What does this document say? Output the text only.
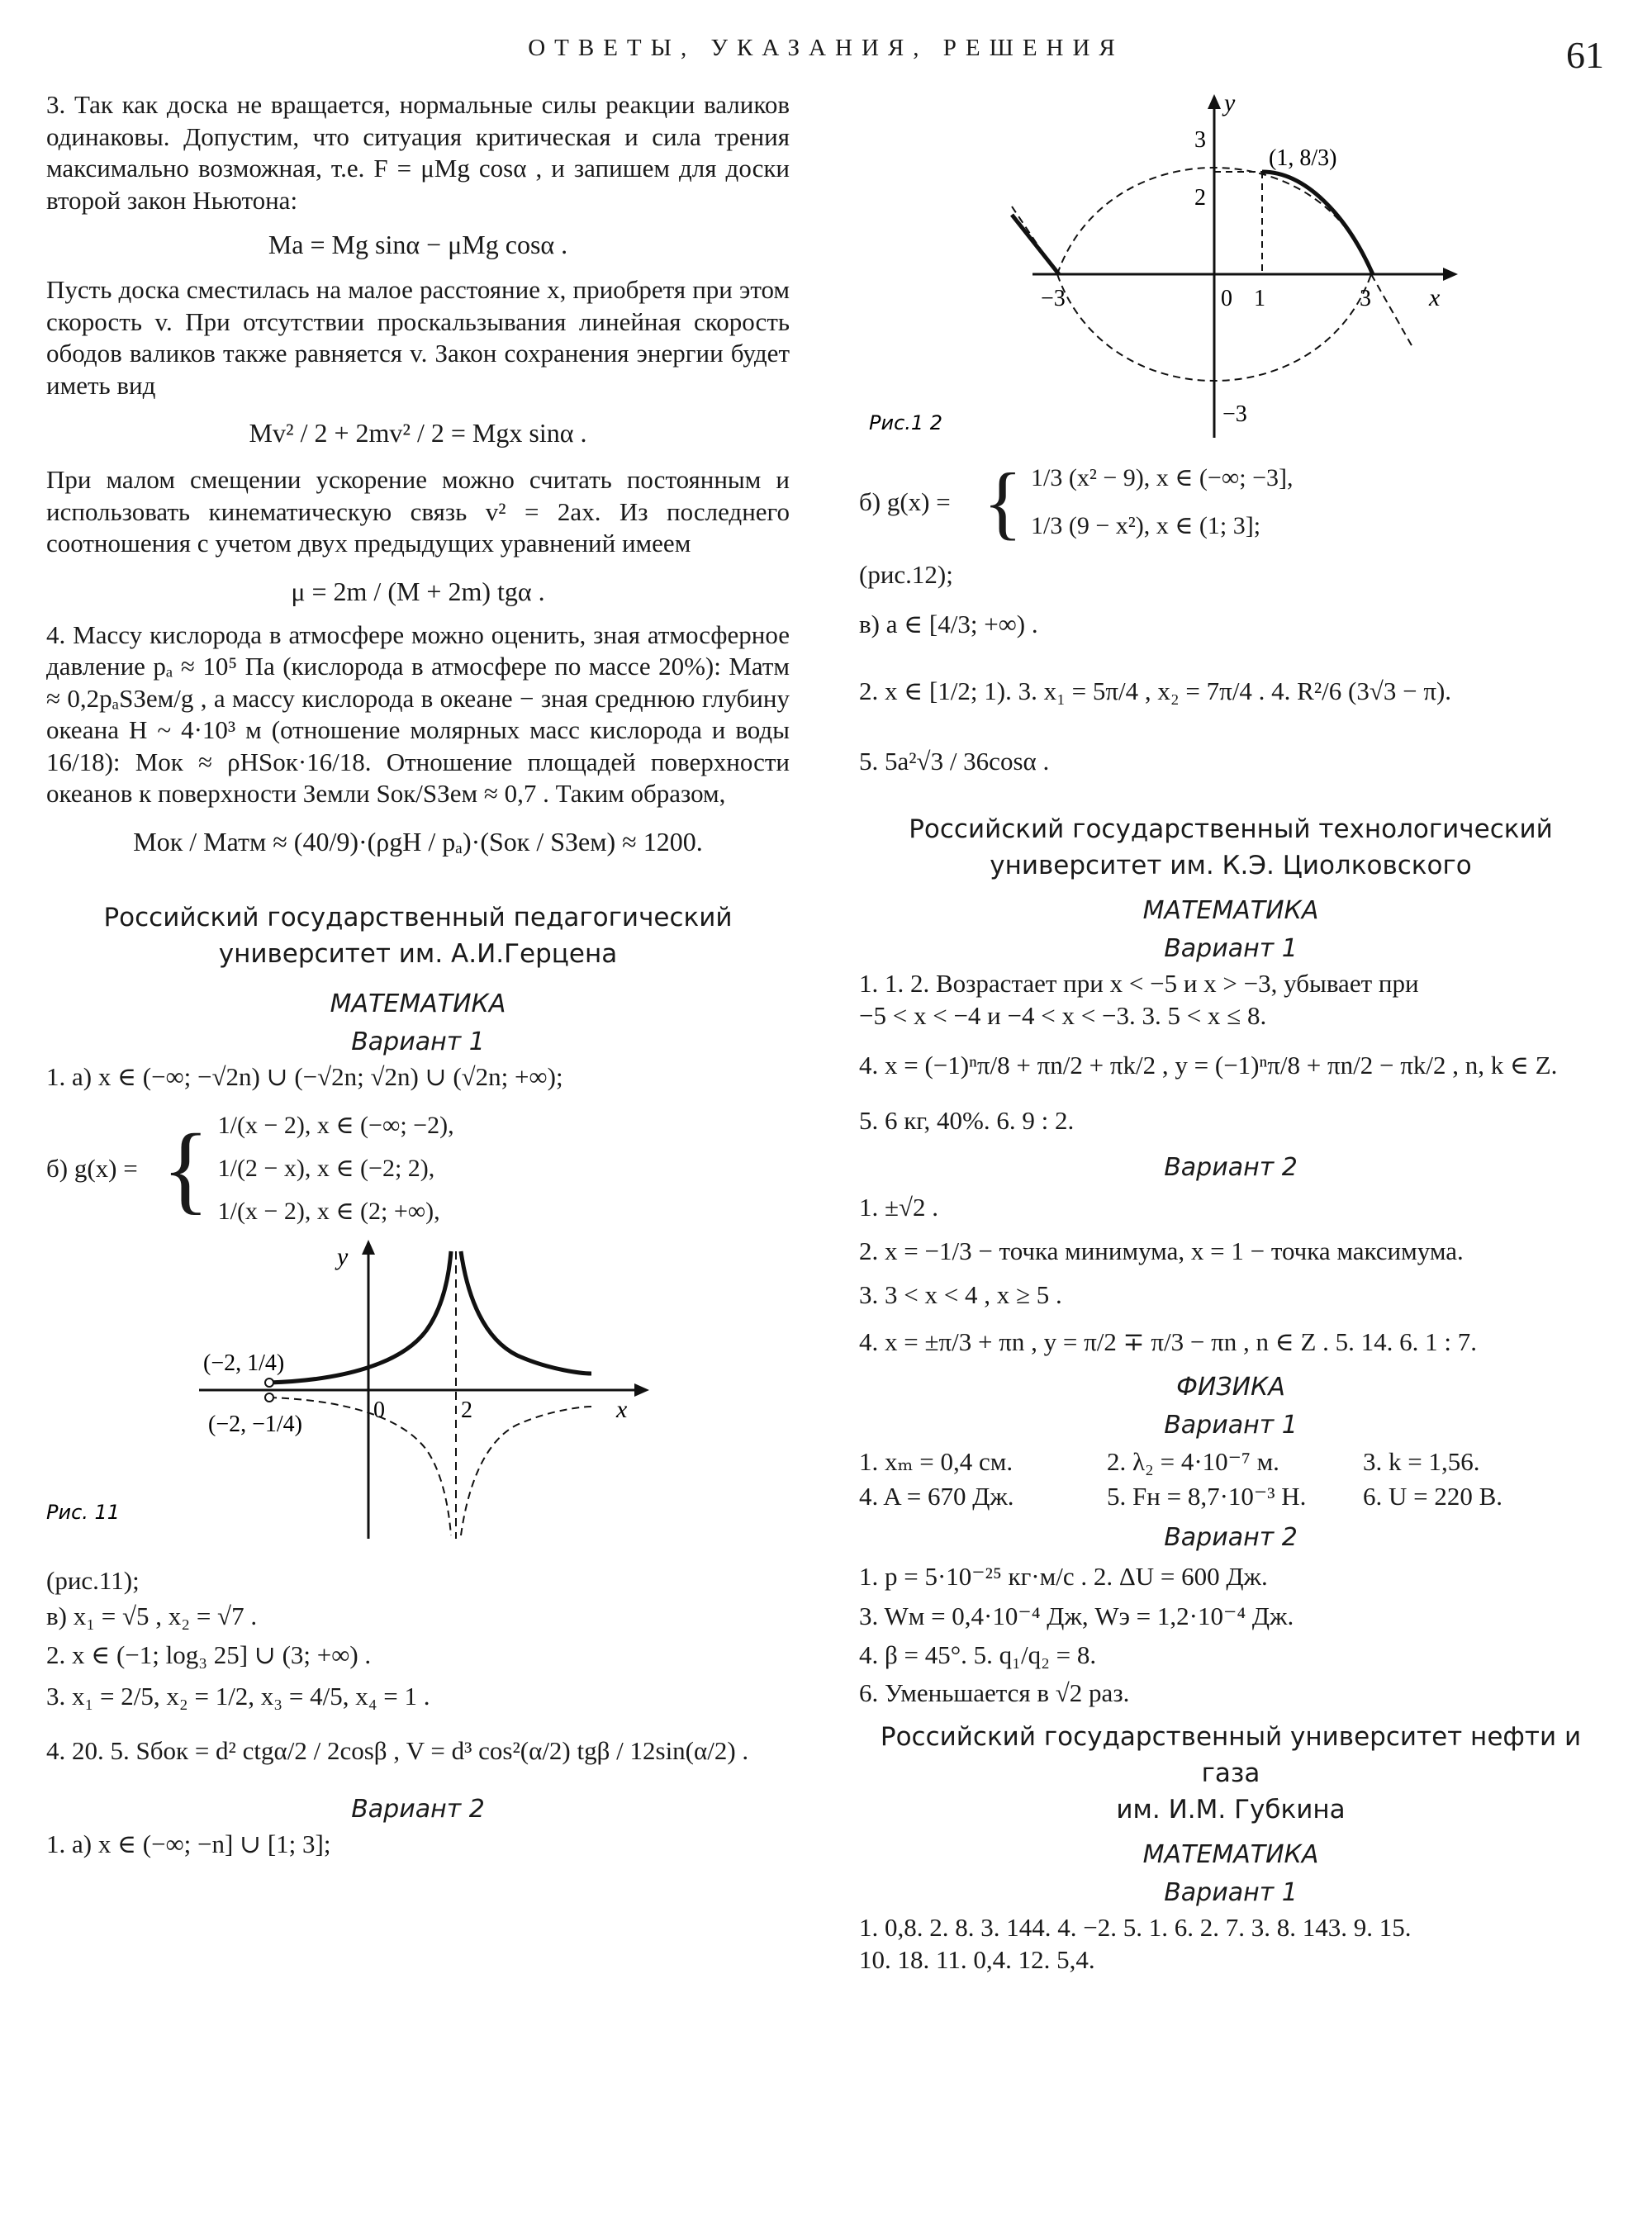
ОТВЕТЫ, УКАЗАНИЯ, РЕШЕНИЯ	61

3. Так как доска не вращается, нормальные силы реакции валиков одинаковы. Допустим, что ситуация критическая и сила трения максимально возможная, т.е. F = μMg cosα , и запишем для доски второй закон Ньютона:

Ma = Mg sinα − μMg cosα .

Пусть доска сместилась на малое расстояние x, приобретя при этом скорость v. При отсутствии проскальзывания линейная скорость ободов валиков также равняется v. Закон сохранения энергии будет иметь вид

Mv² / 2 + 2mv² / 2 = Mgx sinα .

При малом смещении ускорение можно считать постоянным и использовать кинематическую связь v² = 2ax. Из последнего соотношения с учетом двух предыдущих уравнений имеем

μ = 2m / (M + 2m) tgα .

4. Массу кислорода в атмосфере можно оценить, зная атмосферное давление pₐ ≈ 10⁵ Па (кислорода в атмосфере по массе 20%): Mатм ≈ 0,2pₐSЗем/g , а массу кислорода в океане − зная среднюю глубину океана H ~ 4·10³ м (отношение молярных масс кислорода и воды 16/18): Mок ≈ ρHSок·16/18. Отношение площадей поверхности океанов к поверхности Земли Sок/SЗем ≈ 0,7 . Таким образом,

Mок / Mатм ≈ (40/9)·(ρgH / pₐ)·(Sок / SЗем) ≈ 1200.
Российский государственный педагогический
университет им. А.И.Герцена
МАТЕМАТИКА
Вариант 1

1. а) x ∈ (−∞; −√2n) ∪ (−√2n; √2n) ∪ (√2n; +∞);

б) g(x) = { 1/(x − 2), x ∈ (−∞; −2),
1/(2 − x), x ∈ (−2; 2),
1/(x − 2), x ∈ (2; +∞),
y
x
0	2
(−2, 1/4)
(−2, −1/4)
Рис. 11

(рис.11);

в) x₁ = √5 , x₂ = √7 .

2. x ∈ (−1; log₃ 25] ∪ (3; +∞) .

3. x₁ = 2/5, x₂ = 1/2, x₃ = 4/5, x₄ = 1 .

4. 20. 5. Sбок = d² ctgα/2 / 2cosβ , V = d³ cos²(α/2) tgβ / 12sin(α/2) .

Вариант 2

1. а) x ∈ (−∞; −n] ∪ [1; 3];

y
x
3
2
−3	0 1	3
−3
(1, 8/3)
Рис.1 2
б) g(x) = { 1/3 (x² − 9), x ∈ (−∞; −3],
1/3 (9 − x²), x ∈ (1; 3];

(рис.12);

в) a ∈ [4/3; +∞) .

2. x ∈ [1/2; 1). 3. x₁ = 5π/4 , x₂ = 7π/4 . 4. R²/6 (3√3 − π).

5. 5a²√3 / 36cosα .

Российский государственный технологический
университет им. К.Э. Циолковского
МАТЕМАТИКА
Вариант 1

1. 1. 2. Возрастает при x < −5 и x > −3, убывает при

−5 < x < −4 и −4 < x < −3. 3. 5 < x ≤ 8.

4. x = (−1)ⁿπ/8 + πn/2 + πk/2 , y = (−1)ⁿπ/8 + πn/2 − πk/2 , n, k ∈ Z.

5. 6 кг, 40%. 6. 9 : 2.

Вариант 2

1. ±√2 .

2. x = −1/3 − точка минимума, x = 1 − точка максимума.

3. 3 < x < 4 , x ≥ 5 .

4. x = ±π/3 + πn , y = π/2 ∓ π/3 − πn , n ∈ Z . 5. 14. 6. 1 : 7.

ФИЗИКА
Вариант 1
1. xₘ = 0,4 см.	2. λ₂ = 4·10⁻⁷ м.	3. k = 1,56.
4. A = 670 Дж.	5. Fн = 8,7·10⁻³ Н.	6. U = 220 В.
Вариант 2

1. p = 5·10⁻²⁵ кг·м/с . 2. ΔU = 600 Дж.

3. Wм = 0,4·10⁻⁴ Дж, Wэ = 1,2·10⁻⁴ Дж.

4. β = 45°. 5. q₁/q₂ = 8.

6. Уменьшается в √2 раз.

Российский государственный университет нефти и газа
им. И.М. Губкина
МАТЕМАТИКА
Вариант 1

1. 0,8. 2. 8. 3. 144. 4. −2. 5. 1. 6. 2. 7. 3. 8. 143. 9. 15.

10. 18. 11. 0,4. 12. 5,4.
